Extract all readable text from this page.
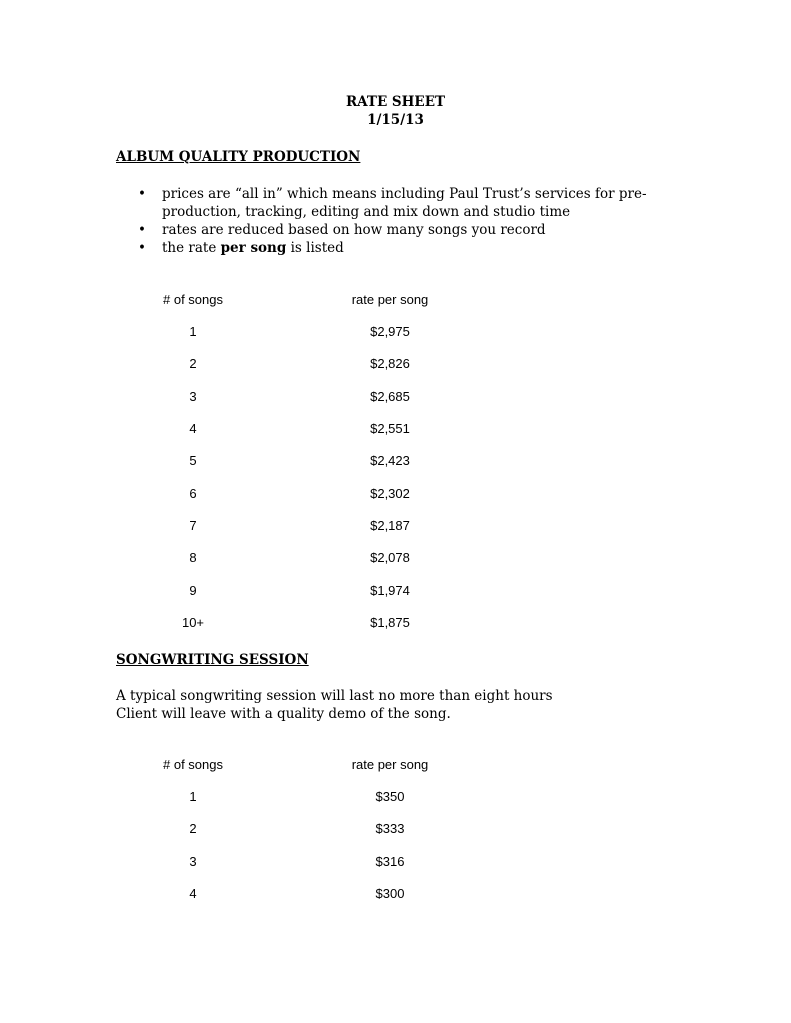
RATE SHEET
1/15/13
ALBUM QUALITY PRODUCTION
• prices are “all in” which means including Paul Trust’s services for pre-
production, tracking, editing and mix down and studio time
• rates are reduced based on how many songs you record
• the rate per song is listed
# of songs	rate per song
1	$2,975
2	$2,826
3	$2,685
4	$2,551
5	$2,423
6	$2,302
7	$2,187
8	$2,078
9	$1,974
10+	$1,875
SONGWRITING SESSION
A typical songwriting session will last no more than eight hours
Client will leave with a quality demo of the song.
# of songs	rate per song
1	$350
2	$333
3	$316
4	$300
